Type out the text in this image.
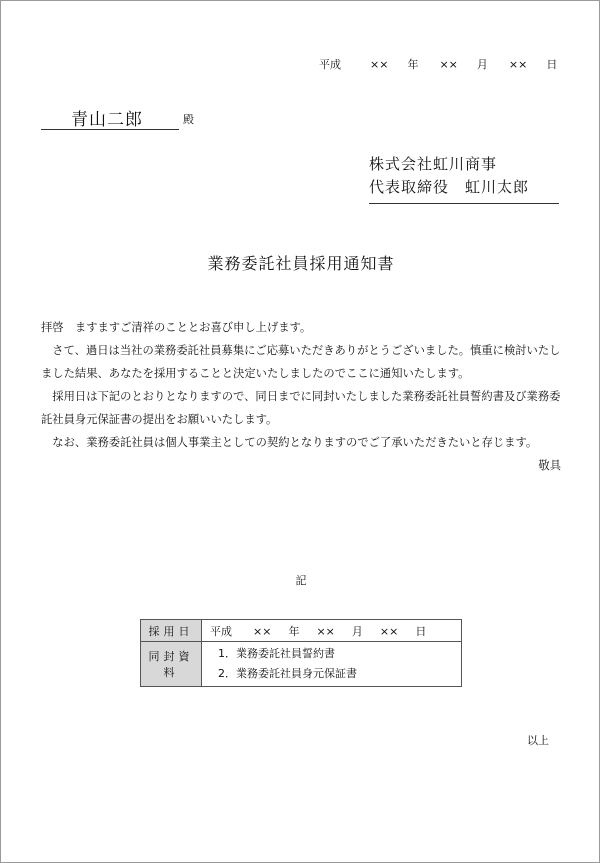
平成	×× 年 ×× 月 ×× 日
青山二郎	殿
株式会社虹川商事
代表取締役　虹川太郎
業務委託社員採用通知書

拝啓　ますますご清祥のこととお喜び申し上げます。

さて、過日は当社の業務委託社員募集にご応募いただきありがとうございました。慎重に検討いたしました結果、あなたを採用することと決定いたしましたのでここに通知いたします。

採用日は下記のとおりとなりますので、同日までに同封いたしました業務委託社員誓約書及び業務委託社員身元保証書の提出をお願いいたします。

なお、業務委託社員は個人事業主としての契約となりますのでご了承いただきたいと存じます。

敬具

記
採用日	平成 ×× 年 ×× 月 ×× 日
同封資料	1．業務委託社員誓約書
2．業務委託社員身元保証書
以上
